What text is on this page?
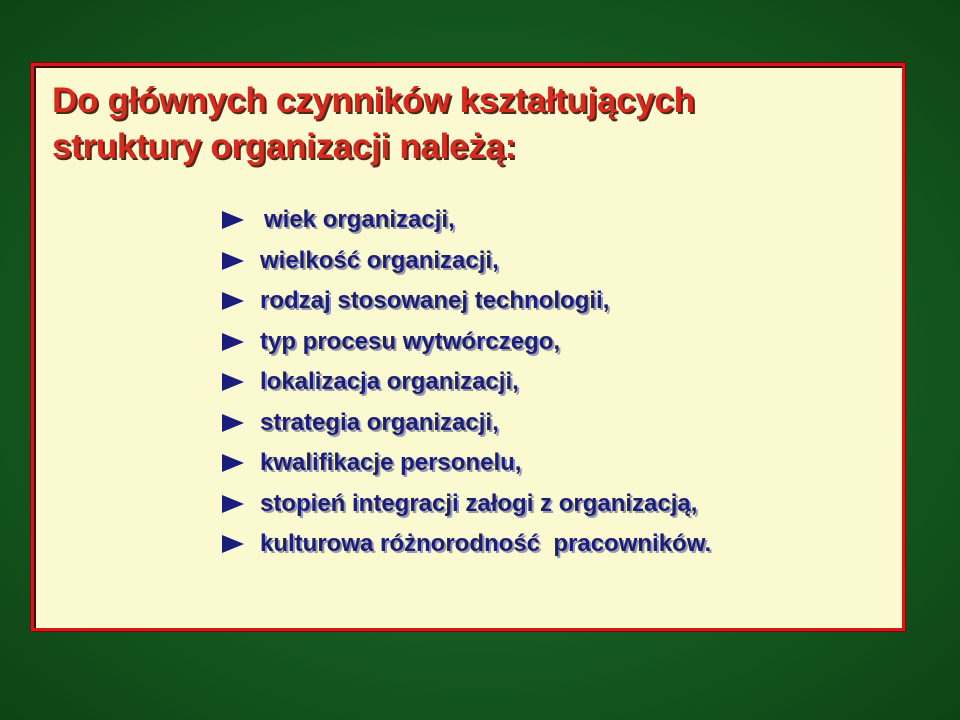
Do głównych czynników kształtujących
struktury organizacji należą:
wiek organizacji,
wielkość organizacji,
rodzaj stosowanej technologii,
typ procesu wytwórczego,
lokalizacja organizacji,
strategia organizacji,
kwalifikacje personelu,
stopień integracji załogi z organizacją,
kulturowa różnorodność  pracowników.
